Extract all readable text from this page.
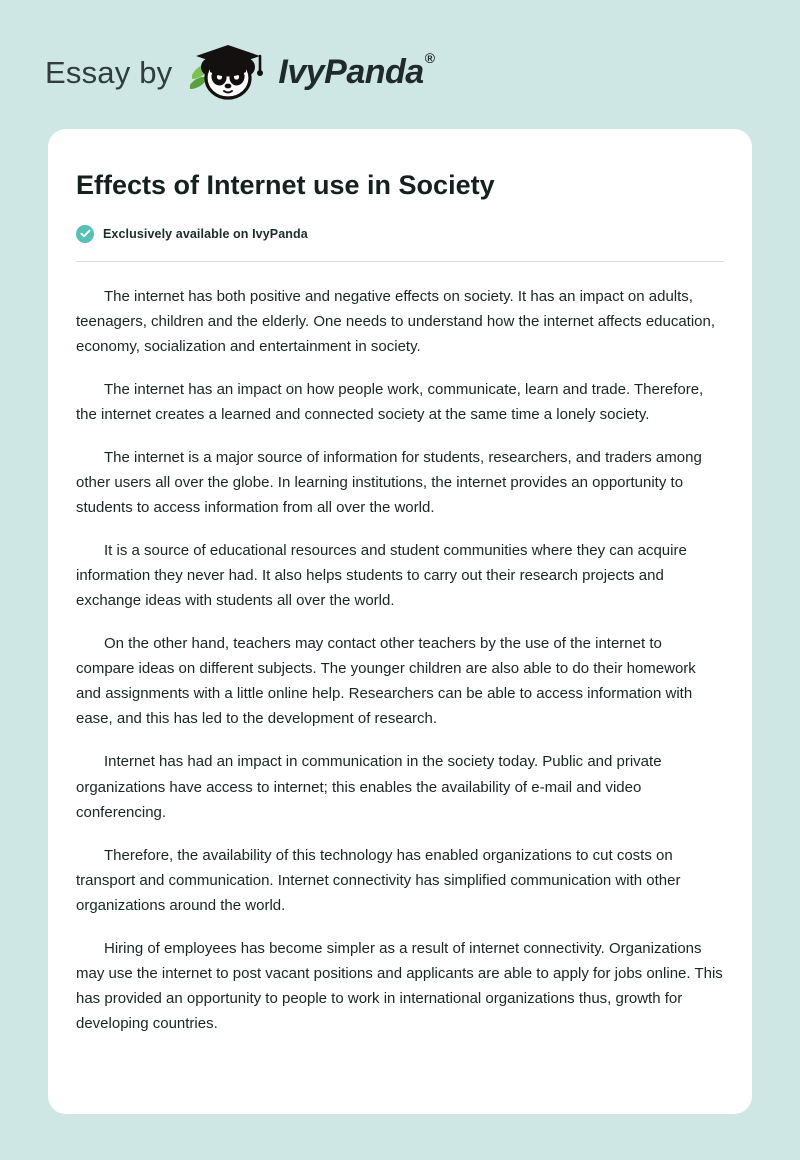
Essay by	IvyPanda®
Effects of Internet use in Society
Exclusively available on IvyPanda

The internet has both positive and negative effects on society. It has an impact on adults, teenagers, children and the elderly. One needs to understand how the internet affects education, economy, socialization and entertainment in society.

The internet has an impact on how people work, communicate, learn and trade. Therefore, the internet creates a learned and connected society at the same time a lonely society.

The internet is a major source of information for students, researchers, and traders among other users all over the globe. In learning institutions, the internet provides an opportunity to students to access information from all over the world.

It is a source of educational resources and student communities where they can acquire information they never had. It also helps students to carry out their research projects and exchange ideas with students all over the world.

On the other hand, teachers may contact other teachers by the use of the internet to compare ideas on different subjects. The younger children are also able to do their homework and assignments with a little online help. Researchers can be able to access information with ease, and this has led to the development of research.

Internet has had an impact in communication in the society today. Public and private organizations have access to internet; this enables the availability of e-mail and video conferencing.

Therefore, the availability of this technology has enabled organizations to cut costs on transport and communication. Internet connectivity has simplified communication with other organizations around the world.

Hiring of employees has become simpler as a result of internet connectivity. Organizations may use the internet to post vacant positions and applicants are able to apply for jobs online. This has provided an opportunity to people to work in international organizations thus, growth for developing countries.
